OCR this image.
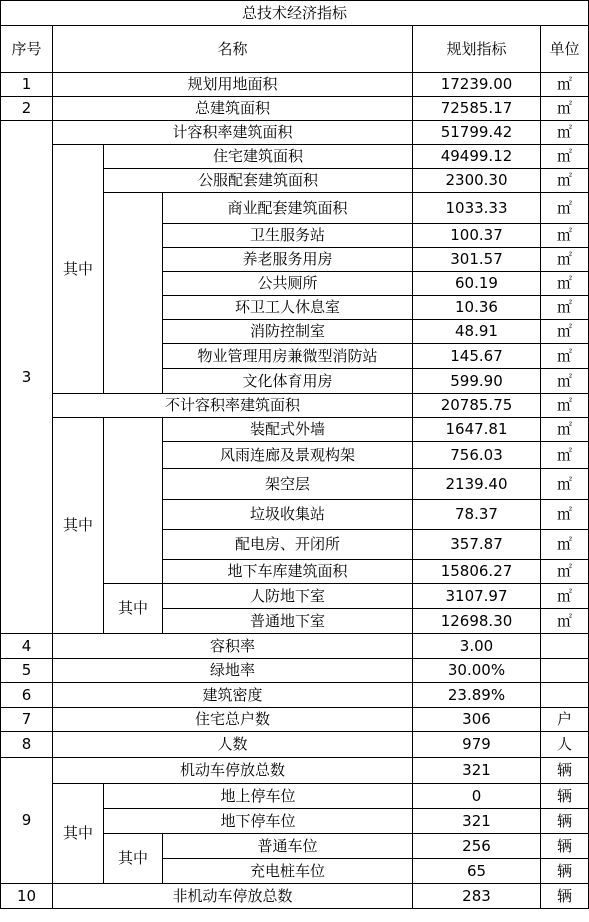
总技术经济指标					
序号	名称			规划指标	单位
1	规划用地面积			17239.00	㎡
2	总建筑面积			72585.17	㎡
3	计容积率建筑面积			51799.42	㎡
	其中	住宅建筑面积		49499.12	㎡
		公服配套建筑面积		2300.30	㎡
			商业配套建筑面积	1033.33	㎡
			卫生服务站	100.37	㎡
			养老服务用房	301.57	㎡
			公共厕所	60.19	㎡
			环卫工人休息室	10.36	㎡
			消防控制室	48.91	㎡
			物业管理用房兼微型消防站	145.67	㎡
			文化体育用房	599.90	㎡
	不计容积率建筑面积			20785.75	㎡
	其中		装配式外墙	1647.81	㎡
			风雨连廊及景观构架	756.03	㎡
			架空层	2139.40	㎡
			垃圾收集站	78.37	㎡
			配电房、开闭所	357.87	㎡
			地下车库建筑面积	15806.27	㎡
		其中	人防地下室	3107.97	㎡
			普通地下室	12698.30	㎡
4	容积率			3.00	
5	绿地率			30.00%	
6	建筑密度			23.89%	
7	住宅总户数			306	户
8	人数			979	人
9	机动车停放总数			321	辆
	其中	地上停车位		0	辆
		地下停车位		321	辆
		其中	普通车位	256	辆
			充电桩车位	65	辆
10	非机动车停放总数			283	辆
